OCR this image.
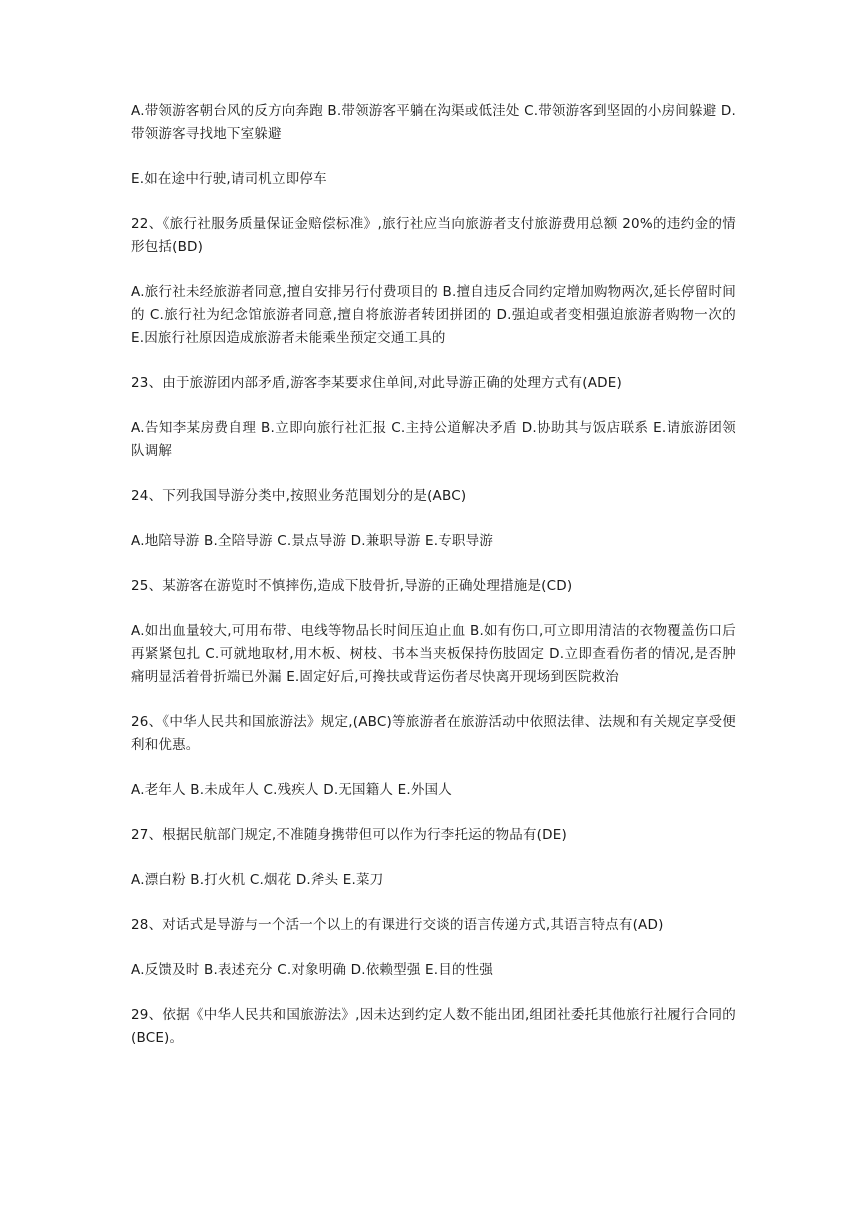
A.带领游客朝台风的反方向奔跑 B.带领游客平躺在沟渠或低洼处 C.带领游客到坚固的小房间躲避 D.带领游客寻找地下室躲避

E.如在途中行驶,请司机立即停车

22、《旅行社服务质量保证金赔偿标准》,旅行社应当向旅游者支付旅游费用总额 20%的违约金的情形包括(BD)

A.旅行社未经旅游者同意,擅自安排另行付费项目的 B.擅自违反合同约定增加购物两次,延长停留时间的 C.旅行社为纪念馆旅游者同意,擅自将旅游者转团拼团的 D.强迫或者变相强迫旅游者购物一次的 E.因旅行社原因造成旅游者未能乘坐预定交通工具的

23、由于旅游团内部矛盾,游客李某要求住单间,对此导游正确的处理方式有(ADE)

A.告知李某房费自理 B.立即向旅行社汇报 C.主持公道解决矛盾 D.协助其与饭店联系 E.请旅游团领队调解

24、下列我国导游分类中,按照业务范围划分的是(ABC)

A.地陪导游 B.全陪导游 C.景点导游 D.兼职导游 E.专职导游

25、某游客在游览时不慎摔伤,造成下肢骨折,导游的正确处理措施是(CD)

A.如出血量较大,可用布带、电线等物品长时间压迫止血 B.如有伤口,可立即用清洁的衣物覆盖伤口后再紧紧包扎 C.可就地取材,用木板、树枝、书本当夹板保持伤肢固定 D.立即查看伤者的情况,是否肿痛明显活着骨折端已外漏 E.固定好后,可搀扶或背运伤者尽快离开现场到医院救治

26、《中华人民共和国旅游法》规定,(ABC)等旅游者在旅游活动中依照法律、法规和有关规定享受便利和优惠。

A.老年人 B.未成年人 C.残疾人 D.无国籍人 E.外国人

27、根据民航部门规定,不准随身携带但可以作为行李托运的物品有(DE)

A.漂白粉 B.打火机 C.烟花 D.斧头 E.菜刀

28、对话式是导游与一个活一个以上的有课进行交谈的语言传递方式,其语言特点有(AD)

A.反馈及时 B.表述充分 C.对象明确 D.依赖型强 E.目的性强

29、依据《中华人民共和国旅游法》,因未达到约定人数不能出团,组团社委托其他旅行社履行合同的(BCE)。
